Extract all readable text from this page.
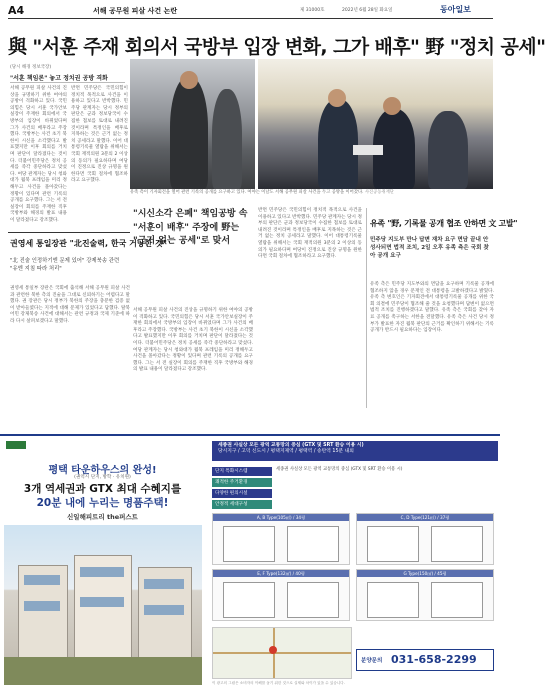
A4	서해 공무원 피살 사건 논란	제 31000호	2022년 6월 28일 화요일	동아일보
與 "서훈 주재 회의서 국방부 입장 변화, 그가 배후" 野 "정치 공세"
(당시 해경 정보국장)
"서훈 책임론" 놓고 정치권 공방 격화
서해 공무원 피살 사건의 진상을 규명하기 위한 여야의 공방이 격화하고 있다. 국민의힘은 당시 서훈 국가안보실장이 주재한 회의에서 국방부의 입장이 바뀌었다며 그가 사건의 배후라고 주장했다. 국방부는 사건 초기 북한이 시신을 소각했다고 발표했지만 이후 회의를 거치며 판단이 달라졌다는 것이다. 더불어민주당은 정치 공세를 즉각 중단하라고 맞섰다. 여당 관계자는 당시 청와대가 월북 프레임을 미리 정해두고 사건을 몰아갔다는 정황이 있다며 관련 기록의 공개를 요구했다. 그는 서 전 실장이 회의를 주재한 직후 국방부와 해경의 발표 내용이 달라졌다고 강조했다.
반면 민주당은 국민의힘이 정치적 목적으로 사건을 이용하고 있다고 반박했다. 민주당 관계자는 당시 정부의 판단은 군과 정보당국이 수집한 첩보를 토대로 내려진 것이라며 특정인을 배후로 지목하는 것은 근거 없는 정치 공세라고 말했다. 이어 대통령기록물 열람을 위해서는 국회 재적의원 3분의 2 이상의 동의가 필요하다며 여당이 진정으로 진상 규명을 원한다면 국회 절차에 협조하라고 요구했다.
유족 측이 기자회견을 열어 관련 기록의 공개를 요구하고 있다. 여야는 이날도 서해 공무원 피살 사건을 두고 공방을 이어갔다. 사진공동취재단
"시신소각 은폐" 책임공방 속 "서훈이 배후" 주장에 野는 "근거 없는 공세"로 맞서
반면 민주당은 국민의힘이 정치적 목적으로 사건을 이용하고 있다고 반박했다. 민주당 관계자는 당시 정부의 판단은 군과 정보당국이 수집한 첩보를 토대로 내려진 것이라며 특정인을 배후로 지목하는 것은 근거 없는 정치 공세라고 말했다. 이어 대통령기록물 열람을 위해서는 국회 재적의원 3분의 2 이상의 동의가 필요하다며 여당이 진정으로 진상 규명을 원한다면 국회 절차에 협조하라고 요구했다.
서해 공무원 피살 사건의 진상을 규명하기 위한 여야의 공방이 격화하고 있다. 국민의힘은 당시 서훈 국가안보실장이 주재한 회의에서 국방부의 입장이 바뀌었다며 그가 사건의 배후라고 주장했다. 국방부는 사건 초기 북한이 시신을 소각했다고 발표했지만 이후 회의를 거치며 판단이 달라졌다는 것이다. 더불어민주당은 정치 공세를 즉각 중단하라고 맞섰다. 여당 관계자는 당시 청와대가 월북 프레임을 미리 정해두고 사건을 몰아갔다는 정황이 있다며 관련 기록의 공개를 요구했다. 그는 서 전 실장이 회의를 주재한 직후 국방부와 해경의 발표 내용이 달라졌다고 강조했다.
유족 "野, 기록물 공개 협조 안하면 文 고발"
민주당 지도부 만나 답변 재차 요구 면담 끝내 안 성사되면 법적 조치, 2일 오후 유족 측은 국회 찾아 공개 요구
유족 측은 민주당 지도부와의 면담을 요구하며 기록물 공개에 협조하지 않을 경우 문재인 전 대통령을 고발하겠다고 밝혔다. 유족 측 변호인은 기자회견에서 대통령기록물 공개를 위한 국회 의결에 민주당이 협조해 줄 것을 요청했다며 답변이 없으면 법적 조치를 진행하겠다고 말했다. 유족 측은 국회를 찾아 자료 공개를 촉구하는 서한을 전달했다. 유족 측은 사건 당시 정부가 발표한 자진 월북 판단의 근거를 확인하기 위해서는 기록 공개가 반드시 필요하다는 입장이다.
권영세 통일장관 "北진술력, 한국 거낭한 것"
"北 진술 인정하기엔 문제 있어" 강제북송 관련 "유엔 지침 따라 처리"
권영세 통일부 장관은 국회에 출석해 서해 공무원 피살 사건과 관련한 북한 측의 진술을 그대로 신뢰하기는 어렵다고 말했다. 권 장관은 당시 정부가 북한의 주장을 충분한 검증 없이 받아들였다는 지적에 대해 문제가 있었다고 답했다. 탈북 어민 강제북송 사건에 대해서는 관련 규정과 국제 기준에 따라 다시 살펴보겠다고 말했다.
평택 타운하우스의 완성!
(권역시 단지, 방학 · 유치원)
3개 역세권과 GTX 최대 수혜지를
20분 내에 누리는 명품주택!
신일해피트리 the퍼스트
세종권 사실상 모든 광역 교통망의 중심 (GTX 및 SRT 환승 이용 시)
당시지구 / 고덕 신도시 / 평택지제역 / 평택역 / 송탄역 15분 내외
단지 특화시스템
쾌적한 주거환경
다양한 편의시설
안정적 세대구성
세종권 사실상 모든 광역 교통망의 중심 (GTX 및 SRT 환승 이용 시)
A, B Type(105㎡) / 34평	C, D Type(121㎡) / 37평
E, F Type(132㎡) / 40평	G Type(150㎡) / 45평
분양문의 031-658-2299
이 광고의 그림은 소비자의 이해를 돕기 위한 것으로 실제와 차이가 있을 수 있습니다.
